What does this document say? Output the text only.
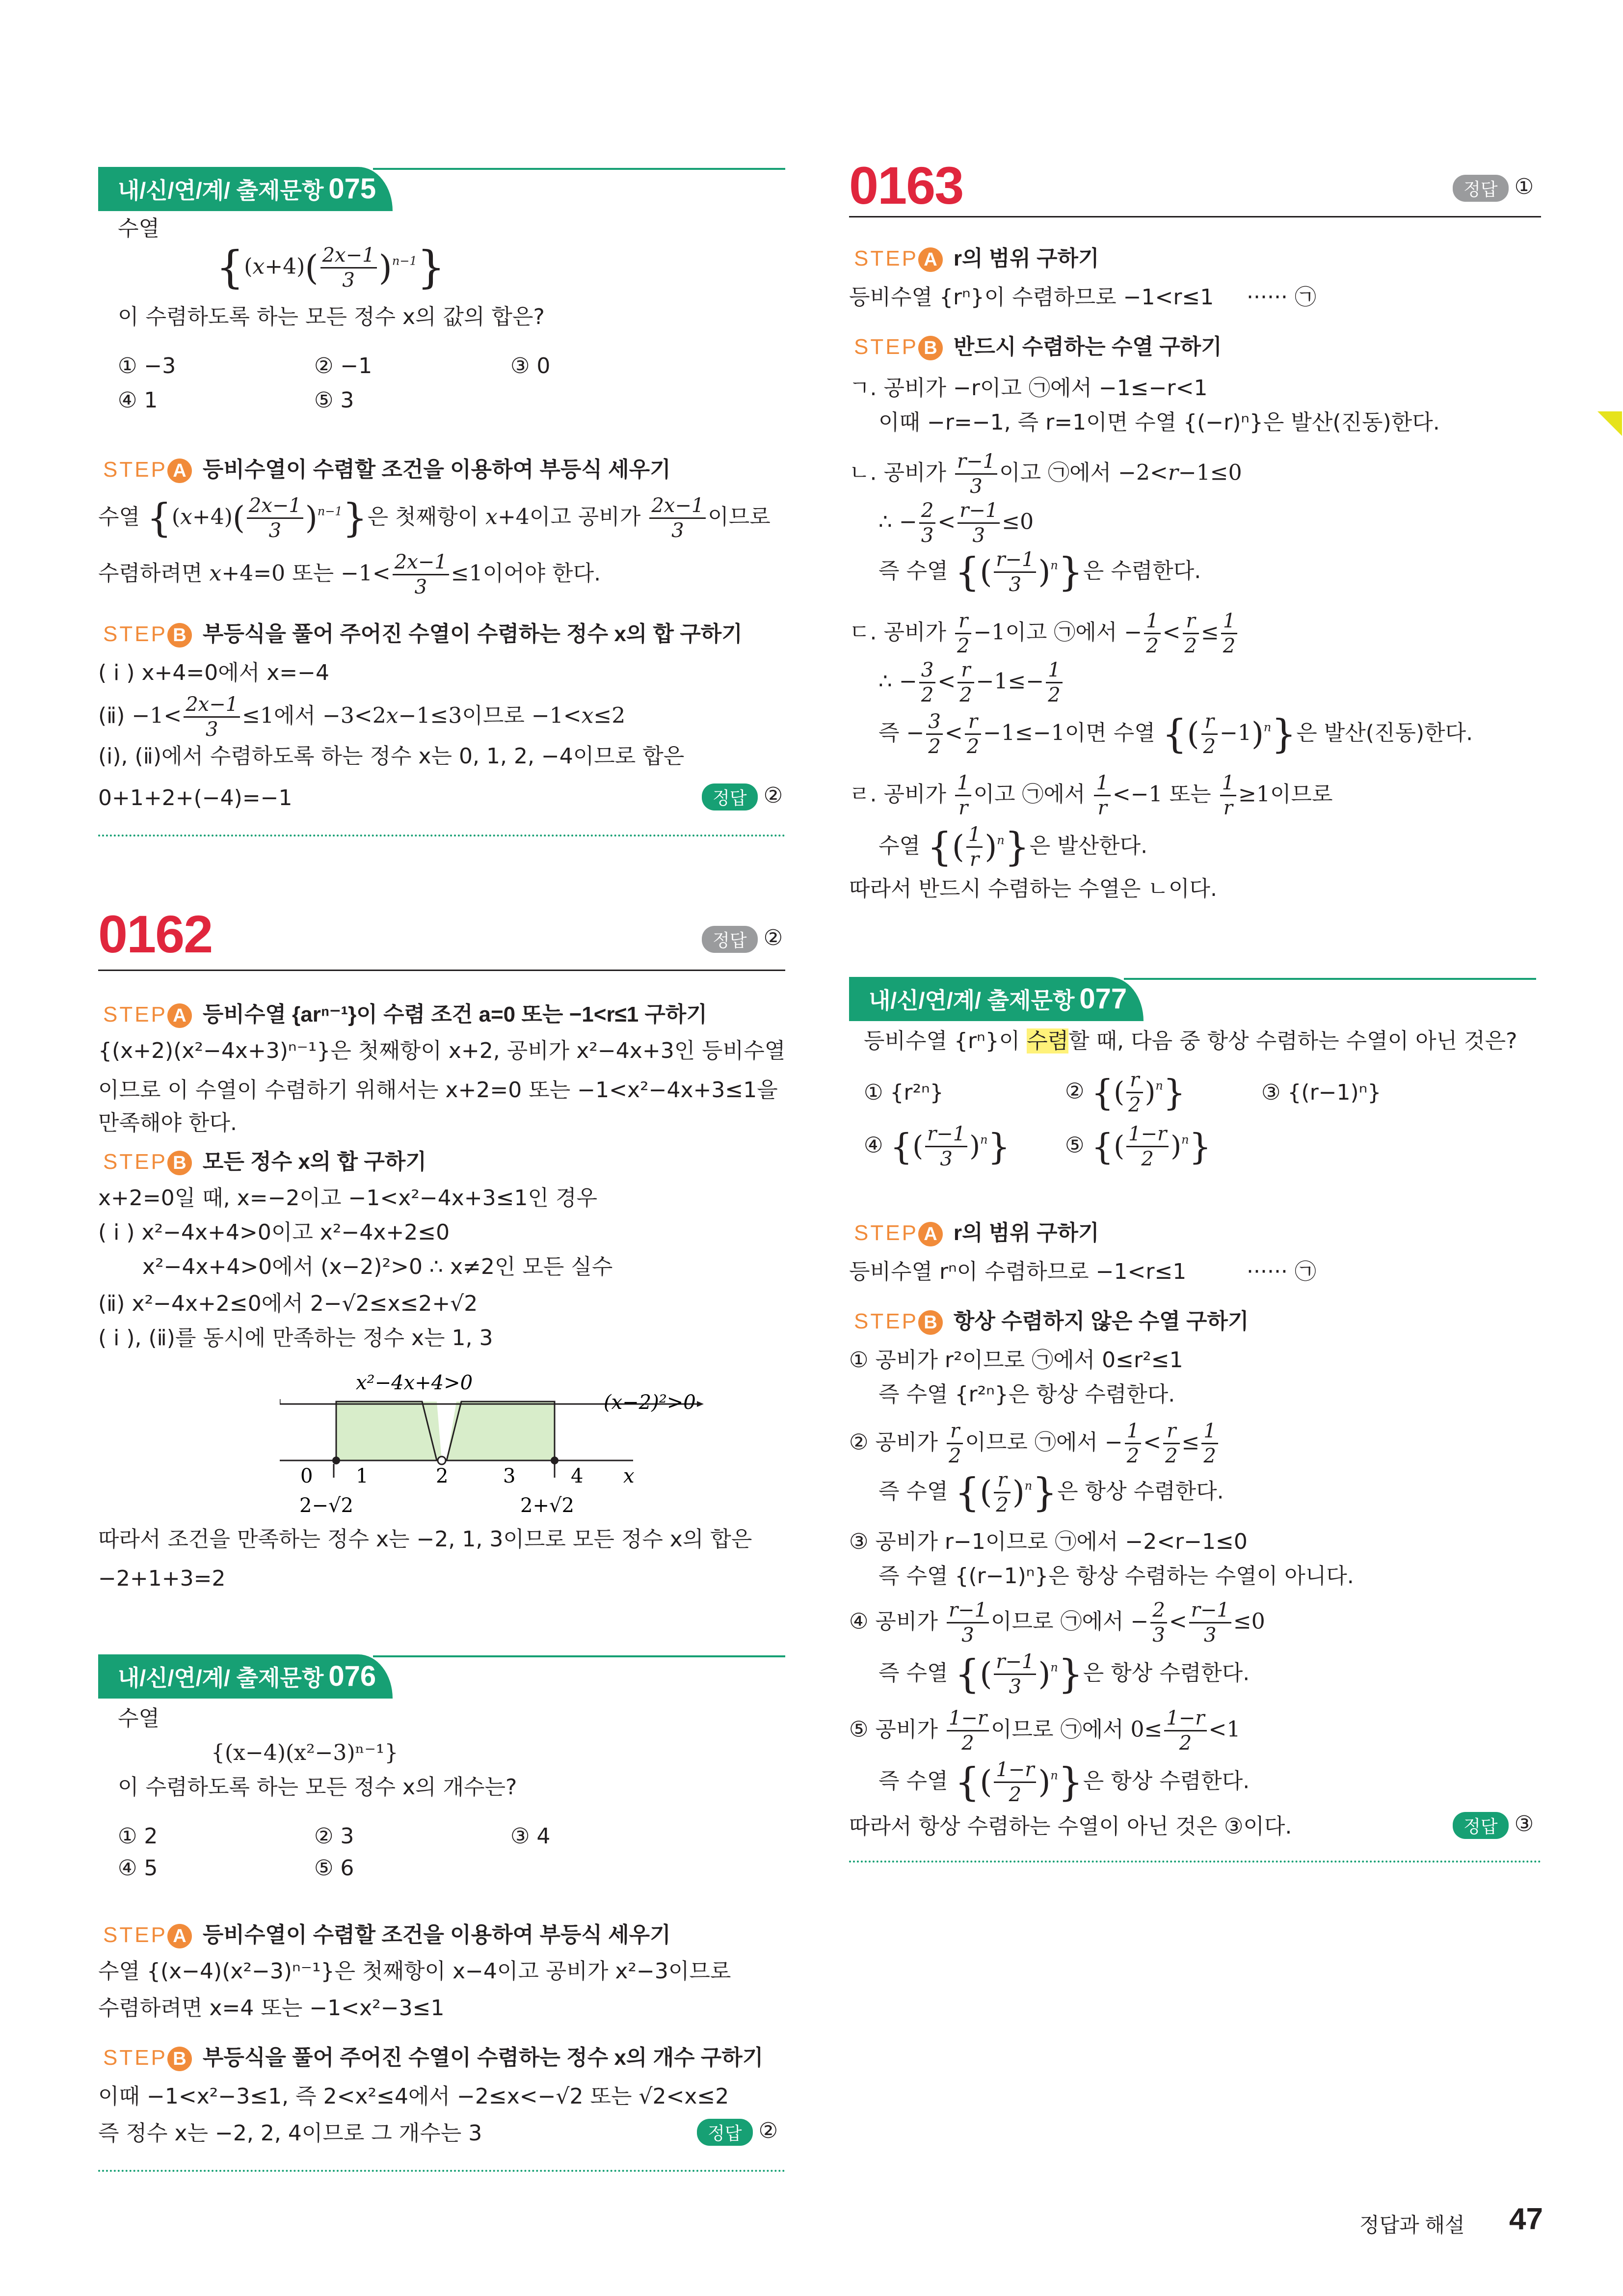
내/신/연/계/ 출제문항 075
수열
$\{(x+4)( \frac{2x-1}{3} )^{n-1}\}$
이 수렴하도록 하는 모든 정수 x의 값의 합은?
① −3	② −1	③ 0
④ 1	⑤ 3
STEP A 등비수열이 수렴할 조건을 이용하여 부등식 세우기
수열 $\{(x+4)( \frac{2x-1}{3} )^{n-1}\}$은 첫째항이 x+4이고 공비가 $\frac{2x-1}{3}$ 이므로
수렴하려면 x+4=0 또는 $-1< \frac{2x-1}{3} \le 1$이어야 한다.
STEP B 부등식을 풀어 주어진 수열이 수렴하는 정수 x의 합 구하기
( i ) x+4=0에서 x=−4
(ⅱ) $-1< \frac{2x-1}{3} \le 1$에서 −3<2x−1≤3이므로 −1<x≤2
(ⅰ), (ⅱ)에서 수렴하도록 하는 정수 x는 0, 1, 2, −4이므로 합은
0+1+2+(−4)=−1	정답 ②
0162	정답 ②
STEP A 등비수열 {arⁿ⁻¹}이 수렴 조건 a=0 또는 −1<r≤1 구하기
{(x+2)(x²−4x+3)ⁿ⁻¹}은 첫째항이 x+2, 공비가 x²−4x+3인 등비수열
이므로 이 수열이 수렴하기 위해서는 x+2=0 또는 −1<x²−4x+3≤1을
만족해야 한다.
STEP B 모든 정수 x의 합 구하기
x+2=0일 때, x=−2이고 −1<x²−4x+3≤1인 경우
( i ) x²−4x+4>0이고 x²−4x+2≤0
x²−4x+4>0에서 (x−2)²>0 ∴ x≠2인 모든 실수
(ⅱ) x²−4x+2≤0에서 2−√2≤x≤2+√2
( i ), (ⅱ)를 동시에 만족하는 정수 x는 1, 3
x²−4x+4>0
(x−2)²>0
0 1	2	3	4 x
2−√2	2+√2
따라서 조건을 만족하는 정수 x는 −2, 1, 3이므로 모든 정수 x의 합은
−2+1+3=2
내/신/연/계/ 출제문항 076
수열
{(x−4)(x²−3)ⁿ⁻¹}
이 수렴하도록 하는 모든 정수 x의 개수는?
① 2	② 3	③ 4
④ 5	⑤ 6
STEP A 등비수열이 수렴할 조건을 이용하여 부등식 세우기
수열 {(x−4)(x²−3)ⁿ⁻¹}은 첫째항이 x−4이고 공비가 x²−3이므로
수렴하려면 x=4 또는 −1<x²−3≤1
STEP B 부등식을 풀어 주어진 수열이 수렴하는 정수 x의 개수 구하기
이때 −1<x²−3≤1, 즉 2<x²≤4에서 −2≤x<−√2 또는 √2<x≤2
즉 정수 x는 −2, 2, 4이므로 그 개수는 3	정답 ②
0163	정답 ①
STEP A r의 범위 구하기
등비수열 {rⁿ}이 수렴하므로 −1<r≤1 ······ ㉠
STEP B 반드시 수렴하는 수열 구하기
ㄱ. 공비가 −r이고 ㉠에서 −1≤−r<1
이때 −r=−1, 즉 r=1이면 수열 {(−r)ⁿ}은 발산(진동)한다.
ㄴ. 공비가 $\frac{r-1}{3}$ 이고 ㉠에서 −2<r−1≤0
∴ − $\frac{2}{3} < \frac{r-1}{3} \le 0$
즉 수열 {( $\frac{r-1}{3} )^n$}은 수렴한다.
ㄷ. 공비가 $\frac{r}{2} -1$이고 ㉠에서 − $\frac{1}{2} < \frac{r}{2} \le \frac{1}{2}$
∴ − $\frac{3}{2} < \frac{r}{2} -1\le- \frac{1}{2}$
즉 − $\frac{3}{2} < \frac{r}{2} -1\le-1$이면 수열 {( $\frac{r}{2} -1)^n$}은 발산(진동)한다.
ㄹ. 공비가 $\frac{1}{r}$ 이고 ㉠에서 $\frac{1}{r} <-1$ 또는 $\frac{1}{r} \ge 1$이므로
수열 {( $\frac{1}{r} )^n$}은 발산한다.
따라서 반드시 수렴하는 수열은 ㄴ이다.
내/신/연/계/ 출제문항 077
등비수열 {rⁿ}이 수렴할 때, 다음 중 항상 수렴하는 수열이 아닌 것은?
① {r²ⁿ}	② {( $\frac{r}{2} )^n$}	③ {(r−1)ⁿ}
④ {( $\frac{r-1}{3} )^n$}	⑤ {( $\frac{1-r}{2} )^n$}
STEP A r의 범위 구하기
등비수열 rⁿ이 수렴하므로 −1<r≤1	······ ㉠
STEP B 항상 수렴하지 않은 수열 구하기
① 공비가 r²이므로 ㉠에서 0≤r²≤1
즉 수열 {r²ⁿ}은 항상 수렴한다.
② 공비가 $\frac{r}{2}$ 이므로 ㉠에서 − $\frac{1}{2} < \frac{r}{2} \le \frac{1}{2}$
즉 수열 {( $\frac{r}{2} )^n$}은 항상 수렴한다.
③ 공비가 r−1이므로 ㉠에서 −2<r−1≤0
즉 수열 {(r−1)ⁿ}은 항상 수렴하는 수열이 아니다.
④ 공비가 $\frac{r-1}{3}$ 이므로 ㉠에서 − $\frac{2}{3} < \frac{r-1}{3} \le 0$
즉 수열 {( $\frac{r-1}{3} )^n$}은 항상 수렴한다.
⑤ 공비가 $\frac{1-r}{2}$ 이므로 ㉠에서 $0\le \frac{1-r}{2} <1$
즉 수열 {( $\frac{1-r}{2} )^n$}은 항상 수렴한다.
따라서 항상 수렴하는 수열이 아닌 것은 ③이다.	정답 ③
정답과 해설 47
